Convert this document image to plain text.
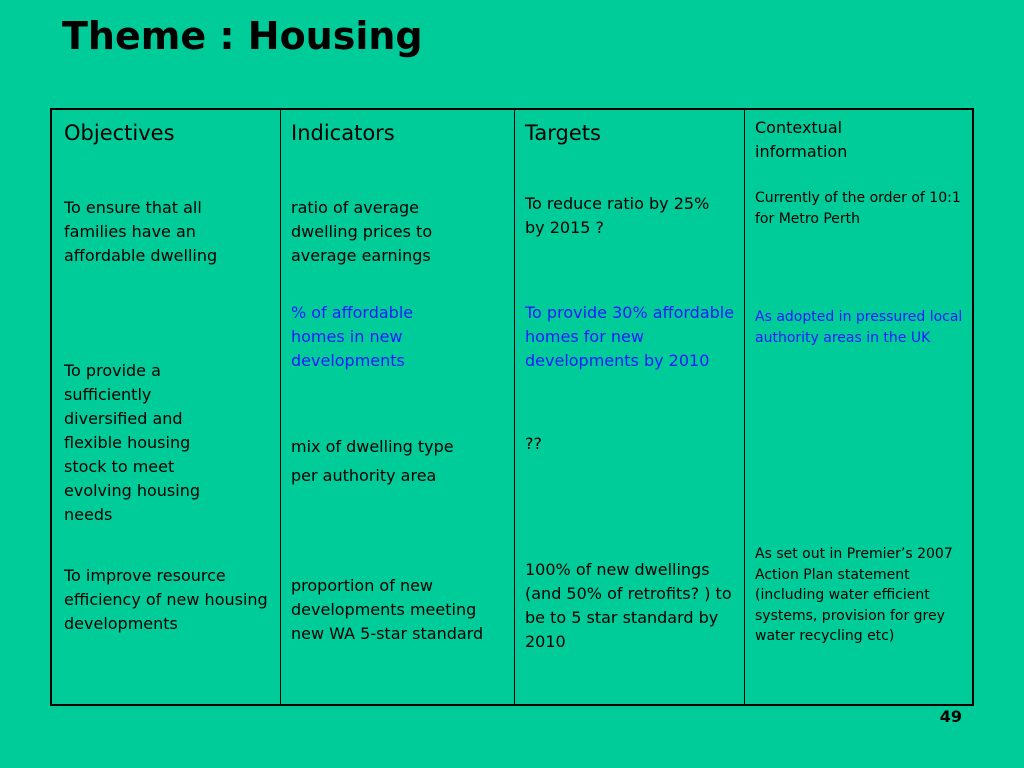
Theme : Housing

Objectives

To ensure that all families have an affordable dwelling

To provide a sufficiently diversified and flexible housing stock to meet evolving housing needs

To improve resource efficiency of new housing developments

Indicators

ratio of average dwelling prices to average earnings

% of affordable homes in new developments

mix of dwelling type

per authority area

proportion of new developments meeting new WA 5-star standard

Targets

To reduce ratio by 25% by 2015 ?

To provide 30% affordable homes for new developments by 2010

??

100% of new dwellings (and 50% of retrofits? ) to be to 5 star standard by 2010

Contextual information

Currently of the order of 10:1 for Metro Perth

As adopted in pressured local authority areas in the UK

As set out in Premier’s 2007 Action Plan statement (including water efficient systems, provision for grey water recycling etc)

49
